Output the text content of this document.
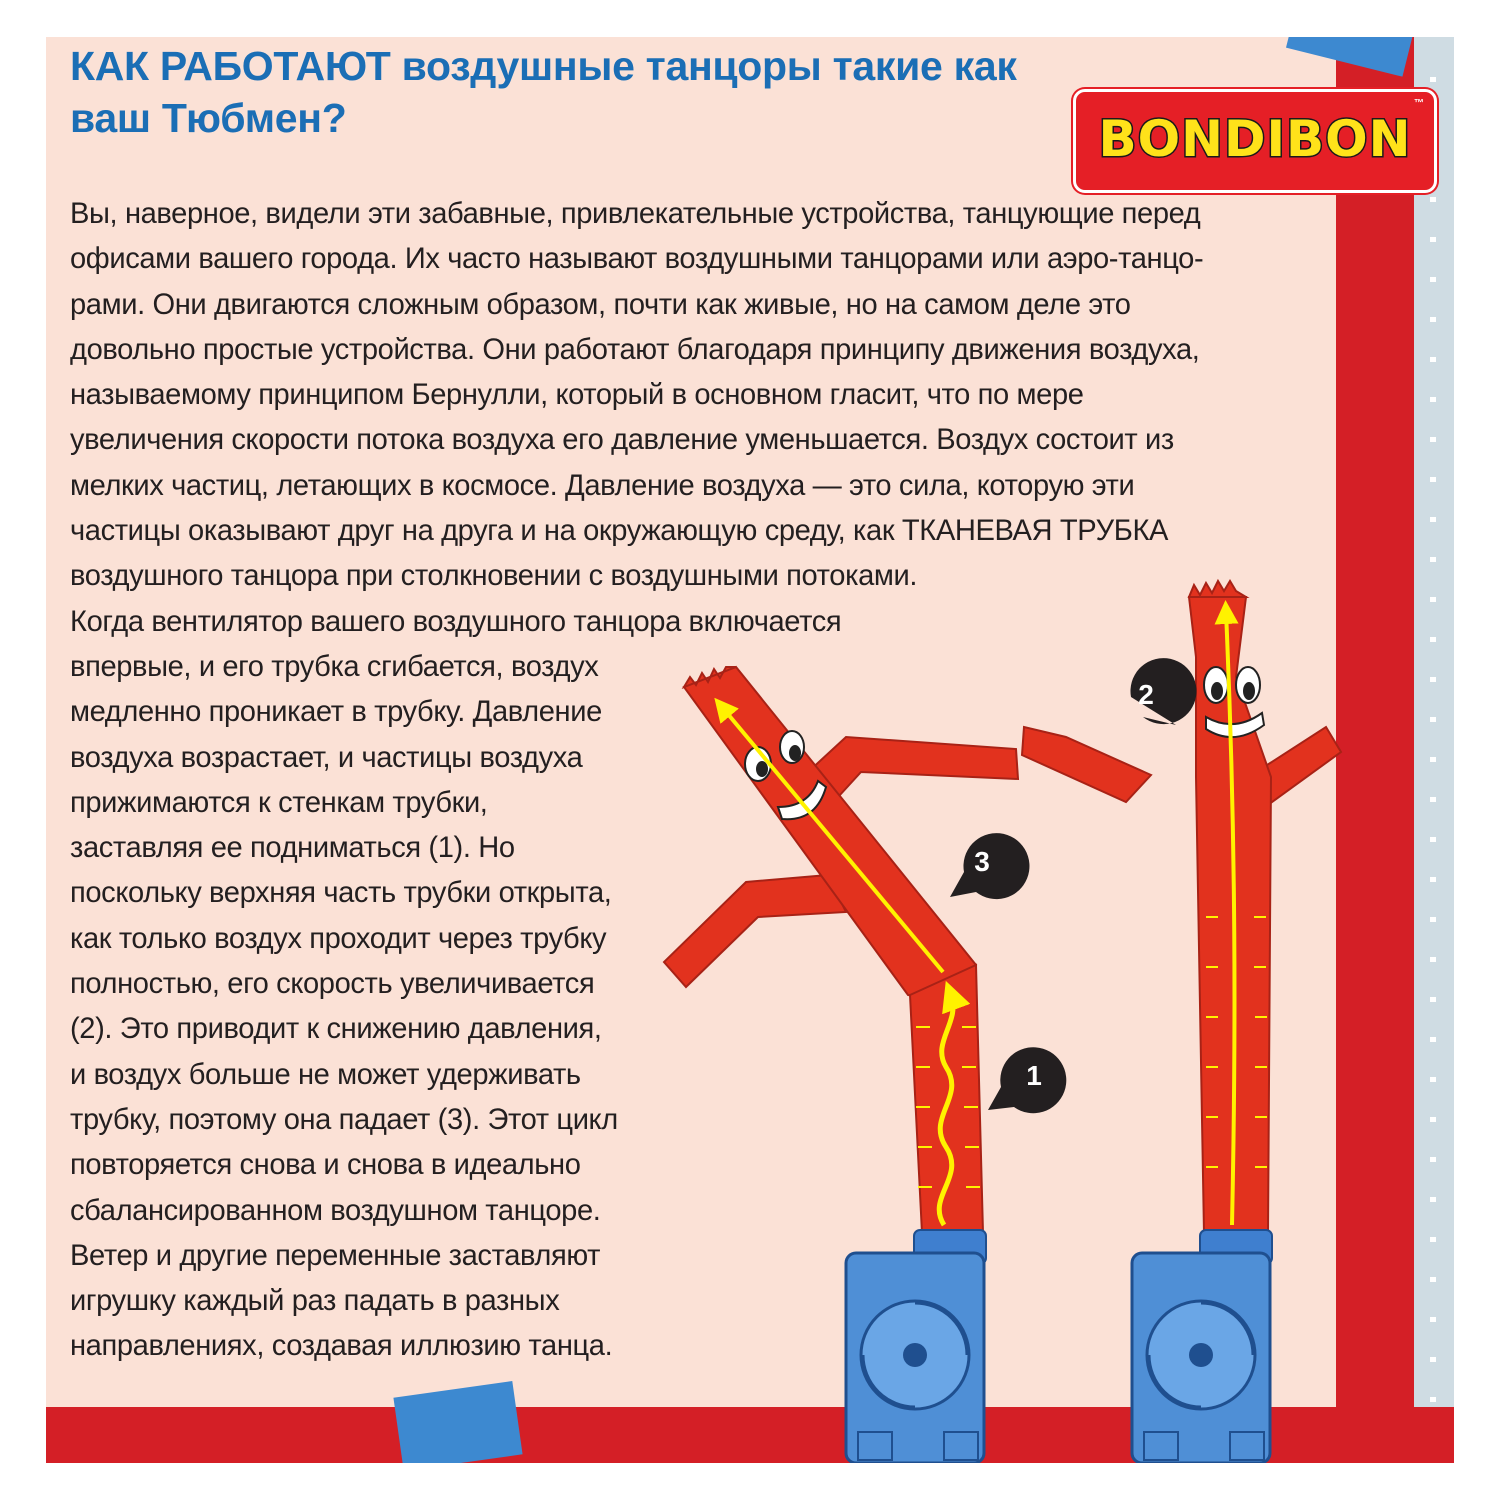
КАК РАБОТАЮТ воздушные танцоры такие как
ваш Тюбмен?	BONDIBON
™
Вы, наверное, видели эти забавные, привлекательные устройства, танцующие перед
офисами вашего города. Их часто называют воздушными танцорами или аэро-танцо-
рами. Они двигаются сложным образом, почти как живые, но на самом деле это
довольно простые устройства. Они работают благодаря принципу движения воздуха,
называемому принципом Бернулли, который в основном гласит, что по мере
увеличения скорости потока воздуха его давление уменьшается. Воздух состоит из
мелких частиц, летающих в космосе. Давление воздуха — это сила, которую эти
частицы оказывают друг на друга и на окружающую среду, как ТКАНЕВАЯ ТРУБКА
воздушного танцора при столкновении с воздушными потоками.
Когда вентилятор вашего воздушного танцора включается
впервые, и его трубка сгибается, воздух
медленно проникает в трубку. Давление
воздуха возрастает, и частицы воздуха
прижимаются к стенкам трубки,
заставляя ее подниматься (1). Но
поскольку верхняя часть трубки открыта,
как только воздух проходит через трубку
полностью, его скорость увеличивается
(2). Это приводит к снижению давления,
и воздух больше не может удерживать
трубку, поэтому она падает (3). Этот цикл
повторяется снова и снова в идеально
сбалансированном воздушном танцоре.
Ветер и другие переменные заставляют
игрушку каждый раз падать в разных
направлениях, создавая иллюзию танца.
3
1
2
